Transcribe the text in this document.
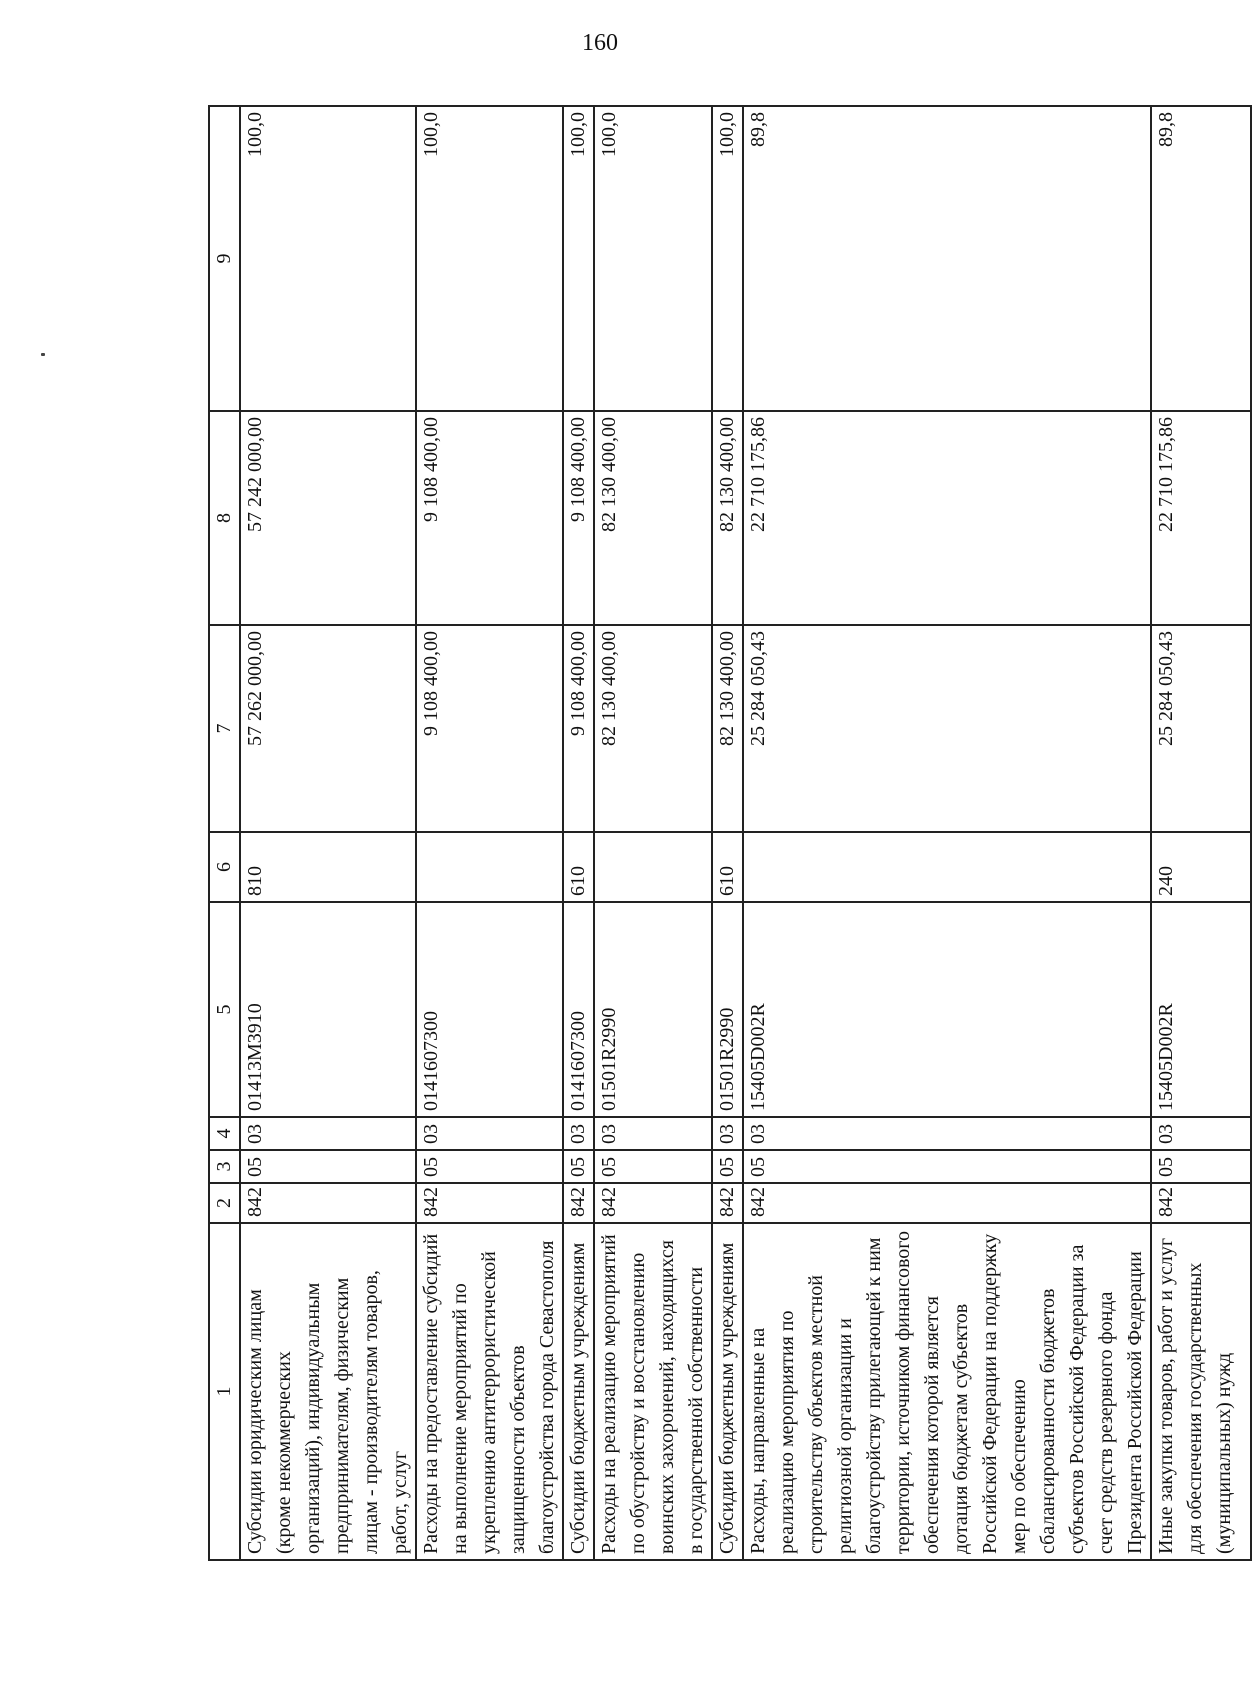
160
1	2	3	4	5	6	7	8	9
Субсидии юридическим лицам (кроме некоммерческих организаций), индивидуальным предпринимателям, физическим лицам - производителям товаров, работ, услуг	842	05	03	01413M3910	810	57 262 000,00	57 242 000,00	100,0
Расходы на предоставление субсидий на выполнение мероприятий по укреплению антитеррористической защищенности объектов благоустройства города Севастополя	842	05	03	0141607300		9 108 400,00	9 108 400,00	100,0
Субсидии бюджетным учреждениям	842	05	03	0141607300	610	9 108 400,00	9 108 400,00	100,0
Расходы на реализацию мероприятий по обустройству и восстановлению воинских захоронений, находящихся в государственной собственности	842	05	03	01501R2990		82 130 400,00	82 130 400,00	100,0
Субсидии бюджетным учреждениям	842	05	03	01501R2990	610	82 130 400,00	82 130 400,00	100,0
Расходы, направленные на реализацию мероприятия по строительству объектов местной религиозной организации и благоустройству прилегающей к ним территории, источником финансового обеспечения которой является дотация бюджетам субъектов Российской Федерации на поддержку мер по обеспечению сбалансированности бюджетов субъектов Российской Федерации за счет средств резервного фонда Президента Российской Федерации	842	05	03	15405D002R		25 284 050,43	22 710 175,86	89,8
Иные закупки товаров, работ и услуг для обеспечения государственных (муниципальных) нужд	842	05	03	15405D002R	240	25 284 050,43	22 710 175,86	89,8
